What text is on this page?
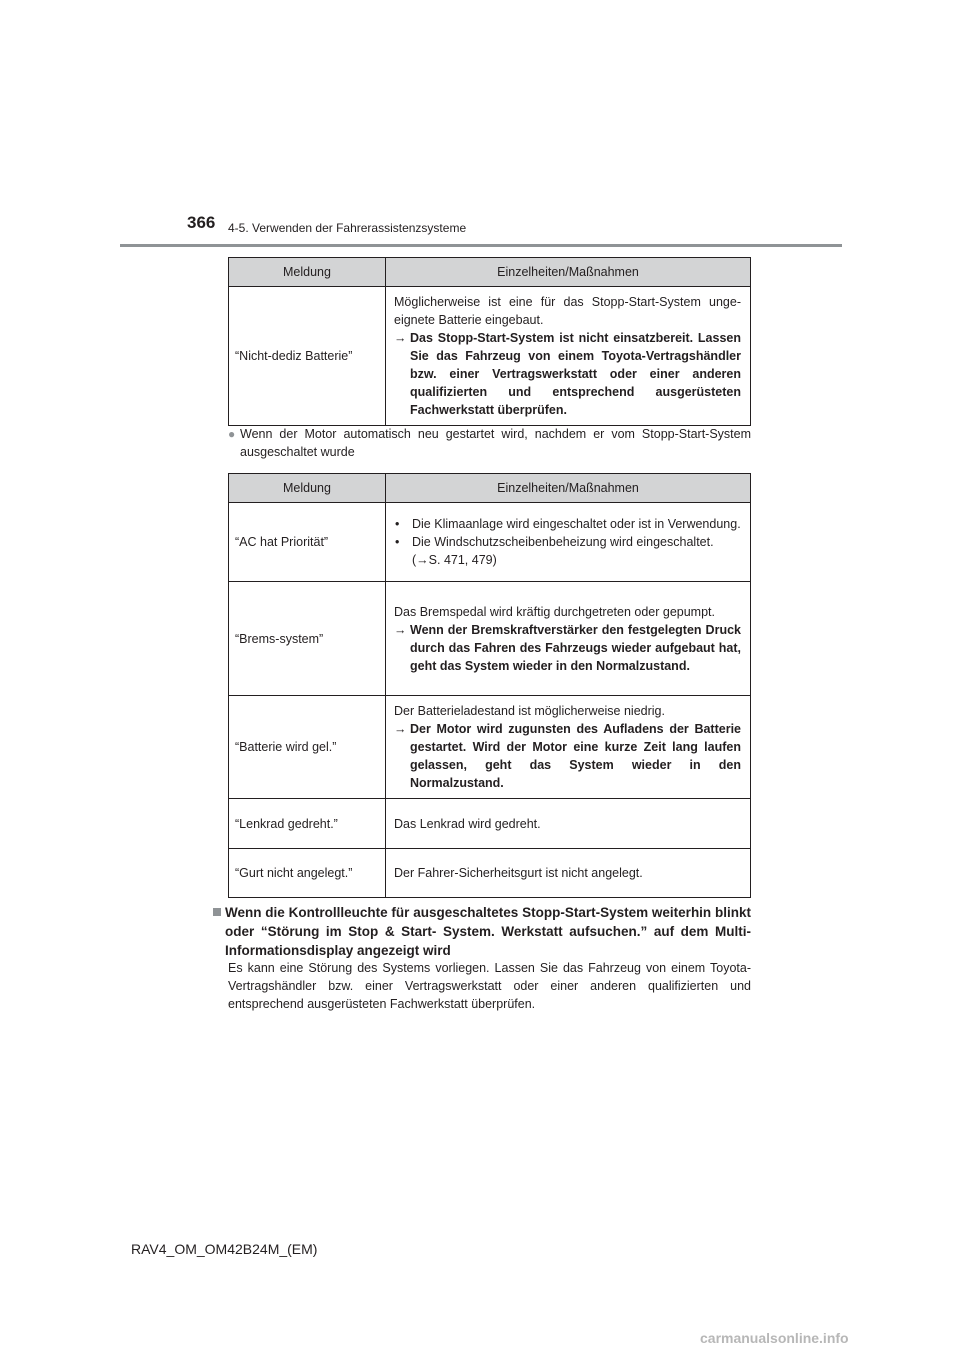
366 4-5. Verwenden der Fahrerassistenzsysteme
Meldung	Einzelheiten/Maßnahmen
“Nicht-dediz Batterie”	Möglicherweise ist eine für das Stopp-Start-System ungeeignete Batterie eingebaut.
→ Das Stopp-Start-System ist nicht einsatzbereit. Lassen Sie das Fahrzeug von einem Toyota-Vertragshändler bzw. einer Vertragswerkstatt oder einer anderen qualifizierten und entsprechend ausgerüsteten Fachwerkstatt überprüfen.
● Wenn der Motor automatisch neu gestartet wird, nachdem er vom Stopp-Start-System ausgeschaltet wurde
Meldung	Einzelheiten/Maßnahmen
“AC hat Priorität”	• Die Klimaanlage wird eingeschaltet oder ist in Verwendung.
• Die Windschutzscheibenbeheizung wird eingeschaltet. (→S. 471, 479)

“Brems-system”	Das Bremspedal wird kräftig durchgetreten oder gepumpt.
→ Wenn der Bremskraftverstärker den festgelegten Druck durch das Fahren des Fahrzeugs wieder aufgebaut hat, geht das System wieder in den Normalzustand.

“Batterie wird gel.”	Der Batterieladestand ist möglicherweise niedrig.
→ Der Motor wird zugunsten des Aufladens der Batterie gestartet. Wird der Motor eine kurze Zeit lang laufen gelassen, geht das System wieder in den Normalzustand.

“Lenkrad gedreht.”	Das Lenkrad wird gedreht.
“Gurt nicht angelegt.”	Der Fahrer-Sicherheitsgurt ist nicht angelegt.
Wenn die Kontrollleuchte für ausgeschaltetes Stopp-Start-System weiterhin blinkt oder “Störung im Stop & Start- System. Werkstatt aufsuchen.” auf dem Multi-Informationsdisplay angezeigt wird
Es kann eine Störung des Systems vorliegen. Lassen Sie das Fahrzeug von einem Toyota-Vertragshändler bzw. einer Vertragswerkstatt oder einer anderen qualifizierten und entsprechend ausgerüsteten Fachwerkstatt überprüfen.
RAV4_OM_OM42B24M_(EM)
carmanualsonline.info
